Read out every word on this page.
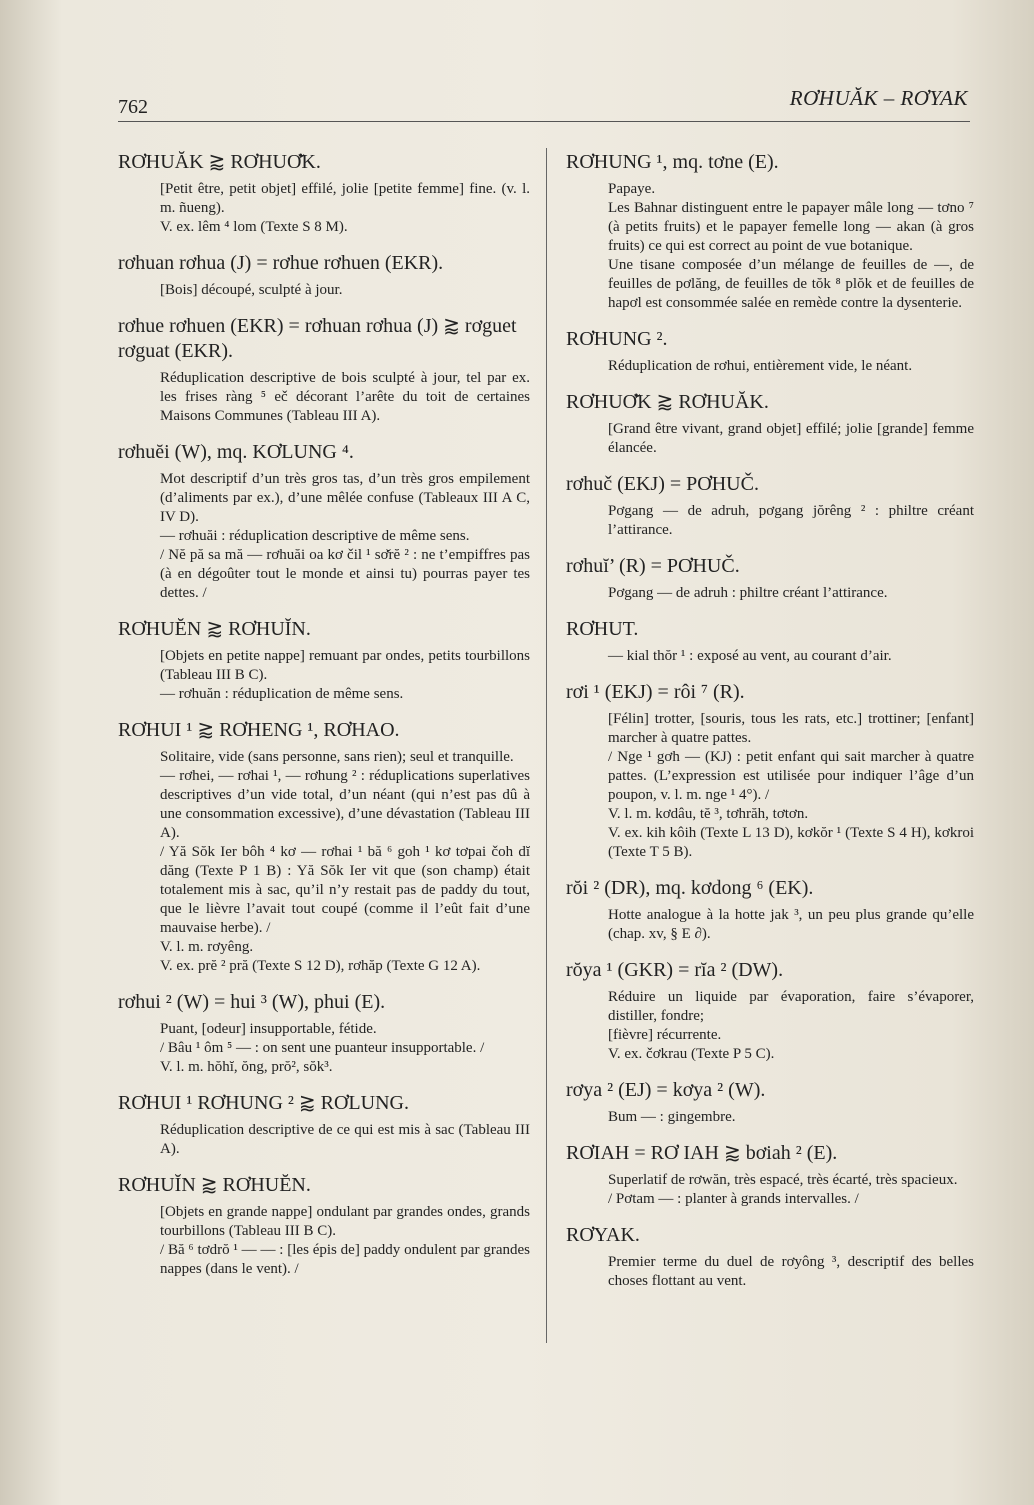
762	RƠHUĂK – RƠYAK
RƠHUĂK ⪆ RƠHUƠ̆K.

[Petit être, petit objet] effilé, jolie [petite femme] fine. (v. l. m. ñueng).

V. ex. lêm ⁴ lom (Texte S 8 M).

rơhuan rơhua (J) = rơhue rơhuen (EKR).

[Bois] découpé, sculpté à jour.

rơhue rơhuen (EKR) = rơhuan rơhua (J) ⪆ rơguet rơguat (EKR).

Réduplication descriptive de bois sculpté à jour, tel par ex. les frises ràng ⁵ eč décorant l’arête du toit de certaines Maisons Communes (Tableau III A).

rơhuĕi (W), mq. KƠLUNG ⁴.

Mot descriptif d’un très gros tas, d’un très gros empilement (d’aliments par ex.), d’une mêlée confuse (Tableaux III A C, IV D).

— rơhuăi : réduplication descriptive de même sens.

/ Nĕ pă sa mă — rơhuăi oa kơ čil ¹ sơ̆rĕ ² : ne t’empiffres pas (à en dégoûter tout le monde et ainsi tu) pourras payer tes dettes. /

RƠHUĔN ⪆ RƠHUĬN.

[Objets en petite nappe] remuant par ondes, petits tourbillons (Tableau III B C).

— rơhuăn : réduplication de même sens.

RƠHUI ¹ ⪆ RƠHENG ¹, RƠHAO.

Solitaire, vide (sans personne, sans rien); seul et tranquille.

— rơhei, — rơhai ¹, — rơhung ² : réduplications superlatives descriptives d’un vide total, d’un néant (qui n’est pas dû à une consommation excessive), d’une dévastation (Tableau III A).

/ Yă Sŏk Ier bôh ⁴ kơ — rơhai ¹ bă ⁶ goh ¹ kơ tơpai čoh dĭ dăng (Texte P 1 B) : Yă Sŏk Ier vit que (son champ) était totalement mis à sac, qu’il n’y restait pas de paddy du tout, que le lièvre l’avait tout coupé (comme il l’eût fait d’une mauvaise herbe). /

V. l. m. rơyêng.

V. ex. prĕ ² pră (Texte S 12 D), rơhăp (Texte G 12 A).

rơhui ² (W) = hui ³ (W), phui (E).

Puant, [odeur] insupportable, fétide.

/ Bâu ¹ ôm ⁵ — : on sent une puanteur insupportable. /

V. l. m. hŏhĭ, ŏng, prŏ², sŏk³.

RƠHUI ¹ RƠHUNG ² ⪆ RƠLUNG.

Réduplication descriptive de ce qui est mis à sac (Tableau III A).

RƠHUĬN ⪆ RƠHUĔN.

[Objets en grande nappe] ondulant par grandes ondes, grands tourbillons (Tableau III B C).

/ Bă ⁶ tơdrŏ ¹ — — : [les épis de] paddy ondulent par grandes nappes (dans le vent). /

RƠHUNG ¹, mq. tơne (E).

Papaye.

Les Bahnar distinguent entre le papayer mâle long — tơno ⁷ (à petits fruits) et le papayer femelle long — akan (à gros fruits) ce qui est correct au point de vue botanique.

Une tisane composée d’un mélange de feuilles de —, de feuilles de pơlăng, de feuilles de tŏk ⁸ plŏk et de feuilles de hapơl est consommée salée en remède contre la dysenterie.

RƠHUNG ².

Réduplication de rơhui, entièrement vide, le néant.

RƠHUƠ̆K ⪆ RƠHUĂK.

[Grand être vivant, grand objet] effilé; jolie [grande] femme élancée.

rơhuč (EKJ) = PƠHUČ.

Pơgang — de adruh, pơgang jŏrêng ² : philtre créant l’attirance.

rơhuĭ’ (R) = PƠHUČ.

Pơgang — de adruh : philtre créant l’attirance.

RƠHUT.

— kial thŏr ¹ : exposé au vent, au courant d’air.

rơi ¹ (EKJ) = rôi ⁷ (R).

[Félin] trotter, [souris, tous les rats, etc.] trottiner; [enfant] marcher à quatre pattes.

/ Nge ¹ gơh — (KJ) : petit enfant qui sait marcher à quatre pattes. (L’expression est utilisée pour indiquer l’âge d’un poupon, v. l. m. nge ¹ 4°). /

V. l. m. kơdâu, tĕ ³, tơhrăh, tơtơn.

V. ex. kih kôih (Texte L 13 D), kơkŏr ¹ (Texte S 4 H), kơkroi (Texte T 5 B).

rŏi ² (DR), mq. kơdong ⁶ (EK).

Hotte analogue à la hotte jak ³, un peu plus grande qu’elle (chap. xv, § E ∂).

rŏya ¹ (GKR) = rĭa ² (DW).

Réduire un liquide par évaporation, faire s’évaporer, distiller, fondre;

[fièvre] récurrente.

V. ex. čơkrau (Texte P 5 C).

rơya ² (EJ) = kơya ² (W).

Bum — : gingembre.

RƠIAH = RƠ IAH ⪆ bơiah ² (E).

Superlatif de rơwăn, très espacé, très écarté, très spacieux.

/ Pơtam — : planter à grands intervalles. /

RƠYAK.

Premier terme du duel de rơyông ³, descriptif des belles choses flottant au vent.
